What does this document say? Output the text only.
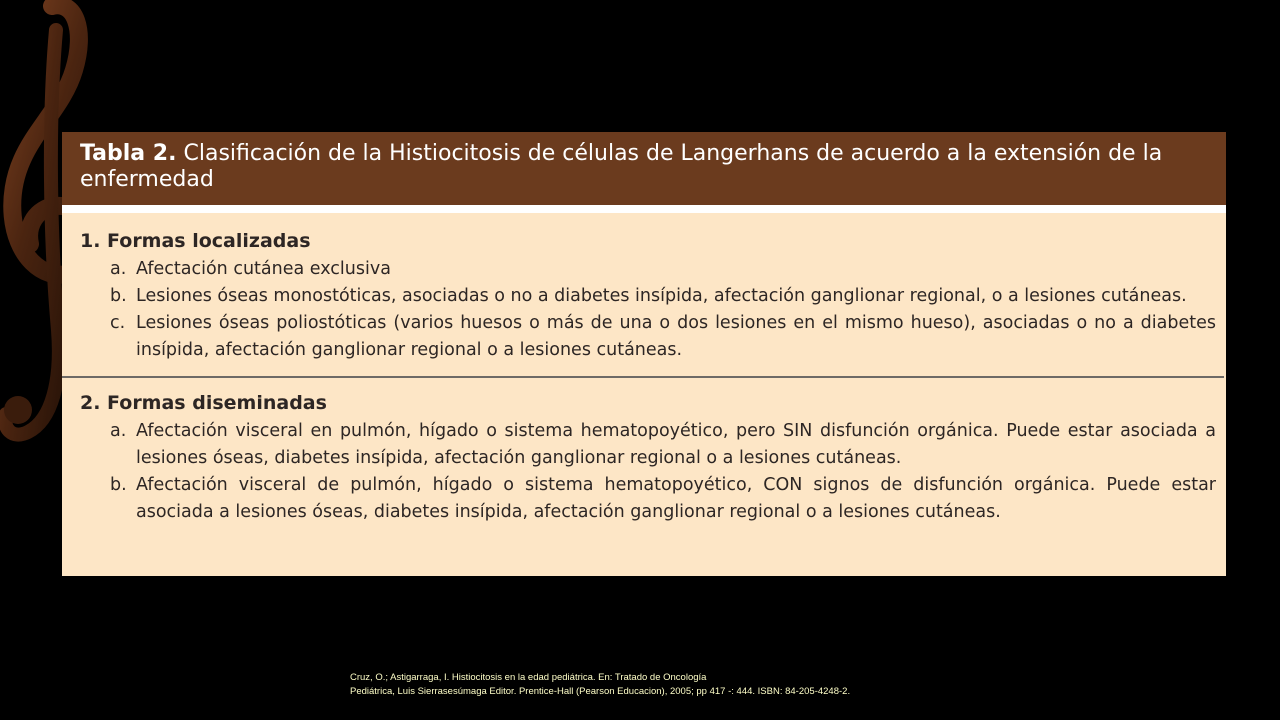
Tabla 2. Clasificación de la Histiocitosis de células de Langerhans de acuerdo a la extensión de la enfermedad
1. Formas localizadas
a. Afectación cutánea exclusiva
b. Lesiones óseas monostóticas, asociadas o no a diabetes insípida, afectación ganglionar regional, o a lesiones cutáneas.
c. Lesiones óseas poliostóticas (varios huesos o más de una o dos lesiones en el mismo hueso), asociadas o no a diabetes insípida, afectación ganglionar regional o a lesiones cutáneas.
2. Formas diseminadas
a. Afectación visceral en pulmón, hígado o sistema hematopoyético, pero SIN disfunción orgánica. Puede estar asociada a lesiones óseas, diabetes insípida, afectación ganglionar regional o a lesiones cutáneas.
b. Afectación visceral de pulmón, hígado o sistema hematopoyético, CON signos de disfunción orgánica. Puede estar asociada a lesiones óseas, diabetes insípida, afectación ganglionar regional o a lesiones cutáneas.
Cruz, O.; Astigarraga, I. Histiocitosis en la edad pediátrica. En: Tratado de Oncología
Pediátrica, Luis Sierrasesúmaga Editor. Prentice-Hall (Pearson Educacion), 2005; pp 417 -: 444. ISBN: 84-205-4248-2.
